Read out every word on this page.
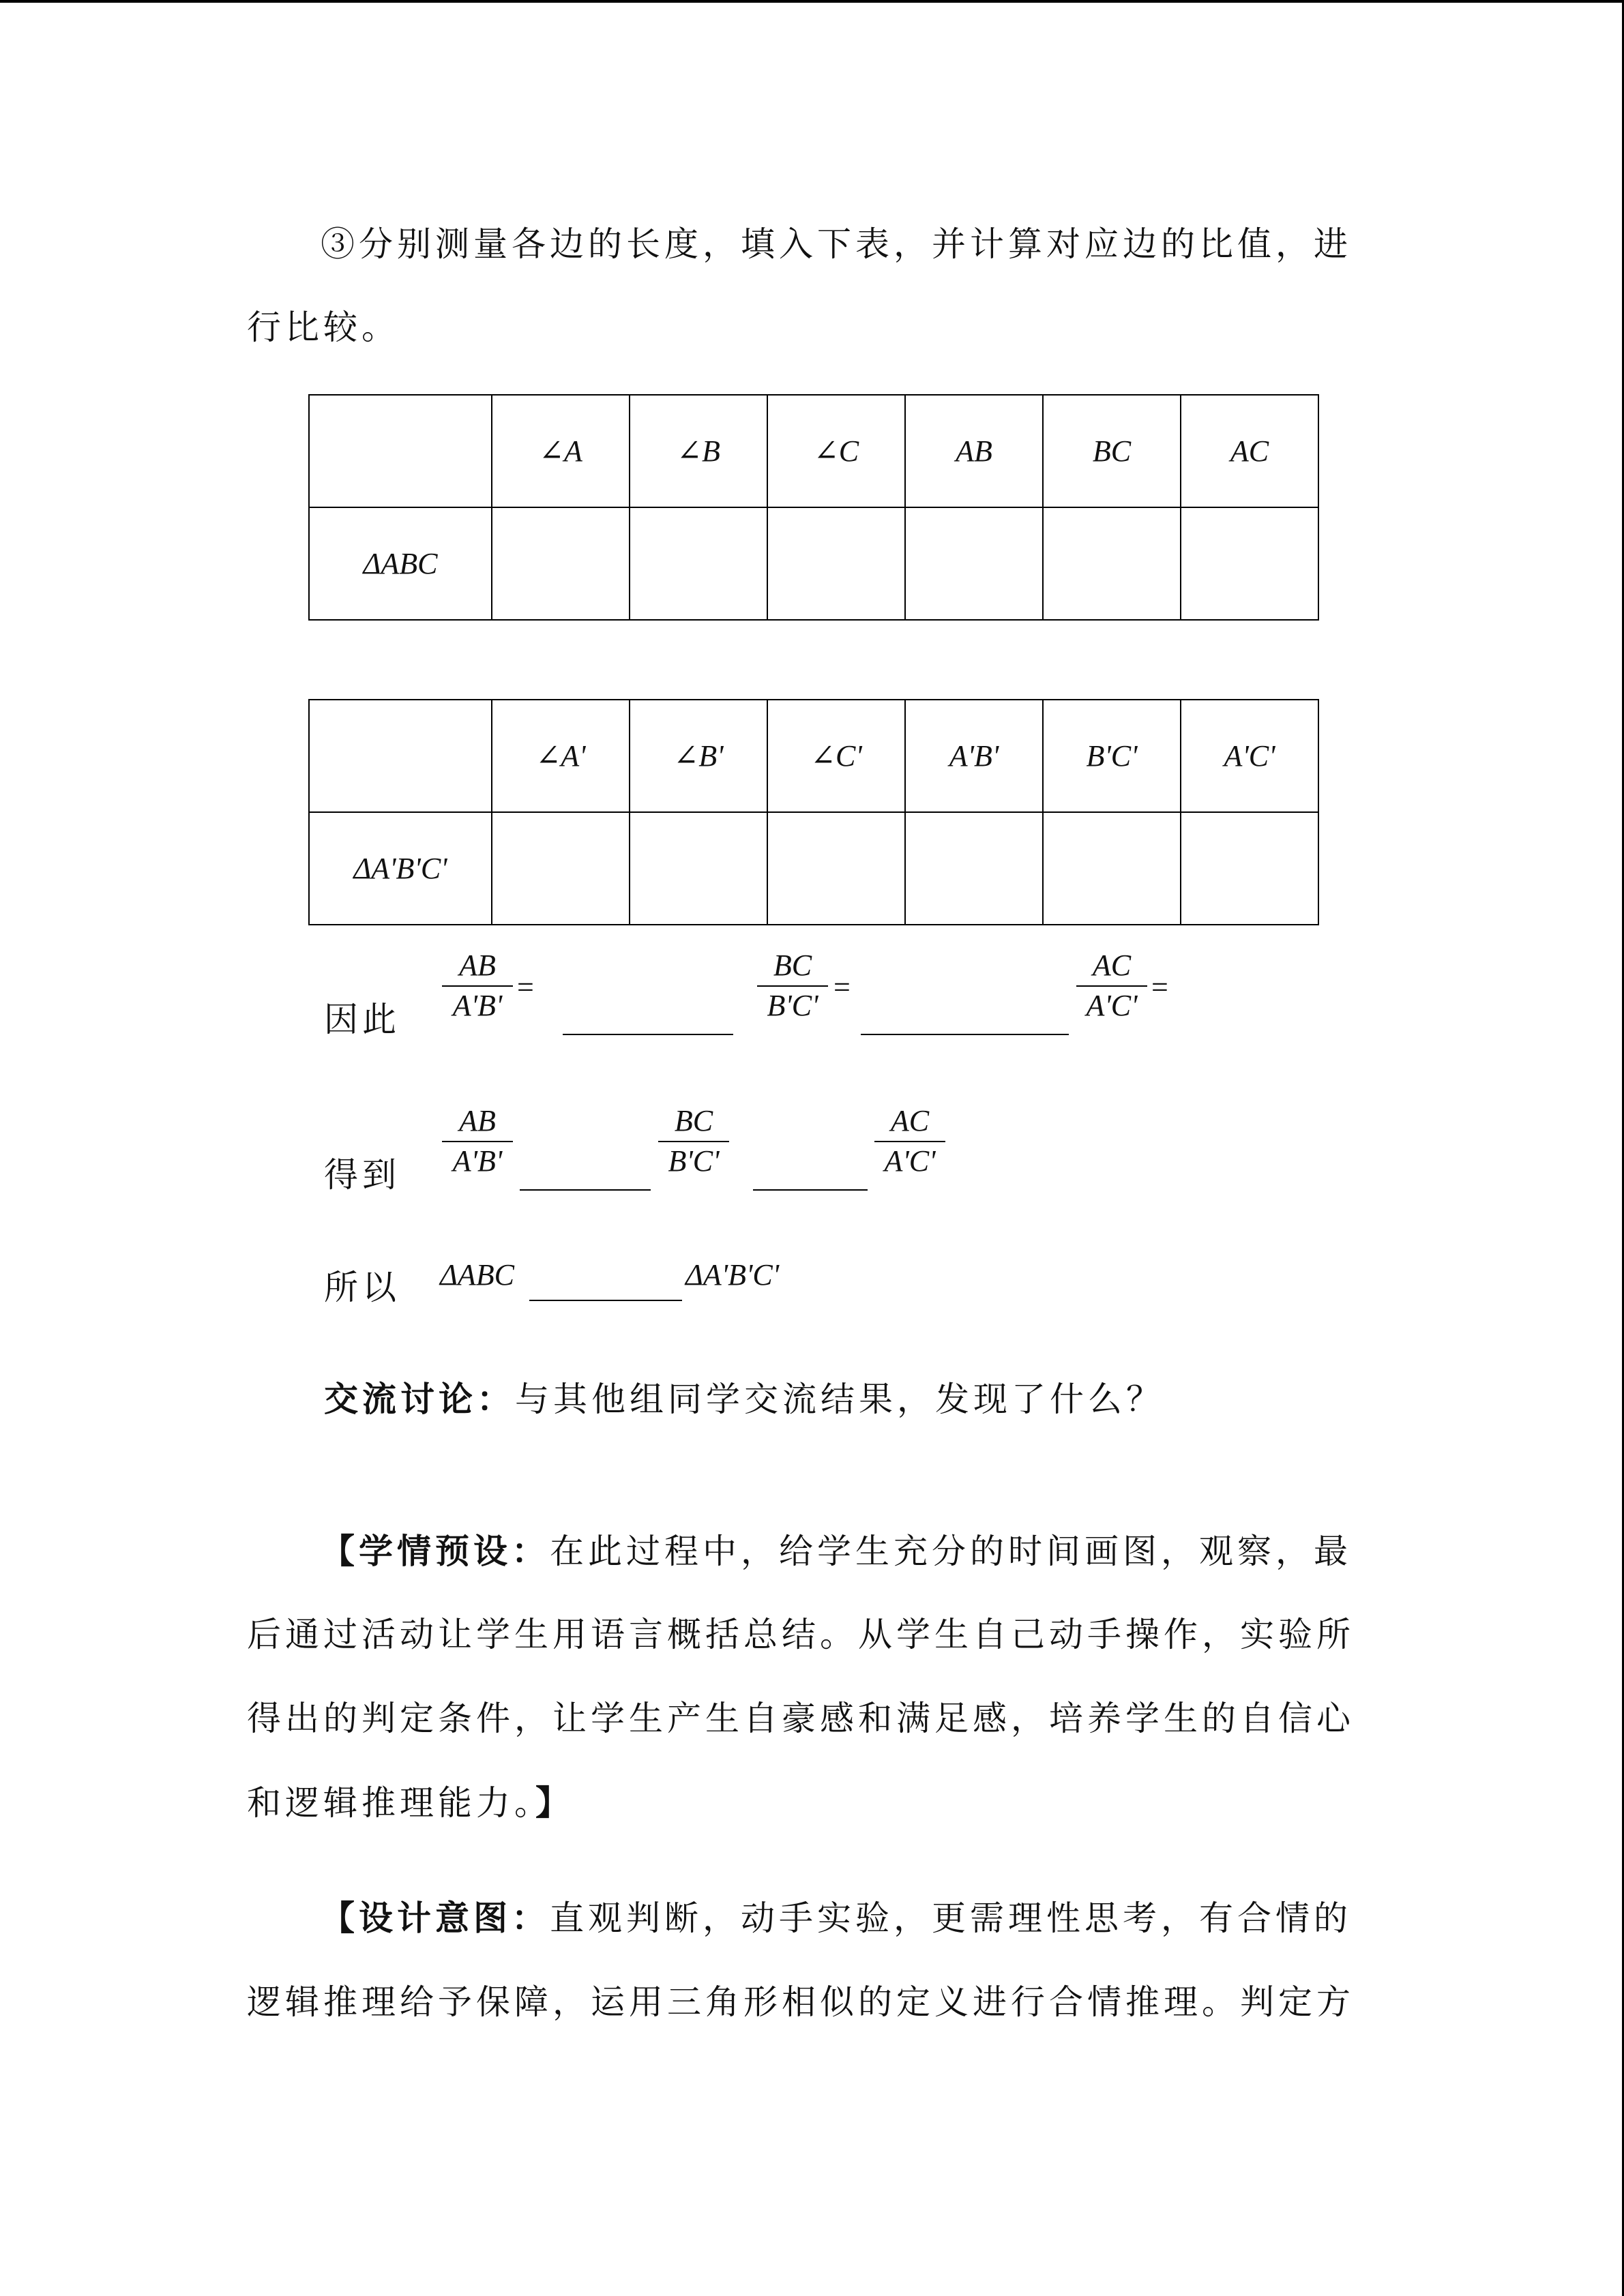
③分别测量各边的长度，填入下表，并计算对应边的比值，进
行比较。
	∠A	∠B	∠C	AB	BC	AC
ΔABC						
	∠A'	∠B'	∠C'	A'B'	B'C'	A'C'
ΔA'B'C'						
因此
AB
A'B'
=
BC
B'C'
=
AC
A'C'
=
得到
AB
A'B'
BC
B'C'
AC
A'C'
所以 ΔABC	ΔA'B'C'
交流讨论：与其他组同学交流结果，发现了什么？
【学情预设：在此过程中，给学生充分的时间画图，观察，最
后通过活动让学生用语言概括总结。从学生自己动手操作，实验所
得出的判定条件，让学生产生自豪感和满足感，培养学生的自信心
和逻辑推理能力。】
【设计意图：直观判断，动手实验，更需理性思考，有合情的
逻辑推理给予保障，运用三角形相似的定义进行合情推理。判定方
